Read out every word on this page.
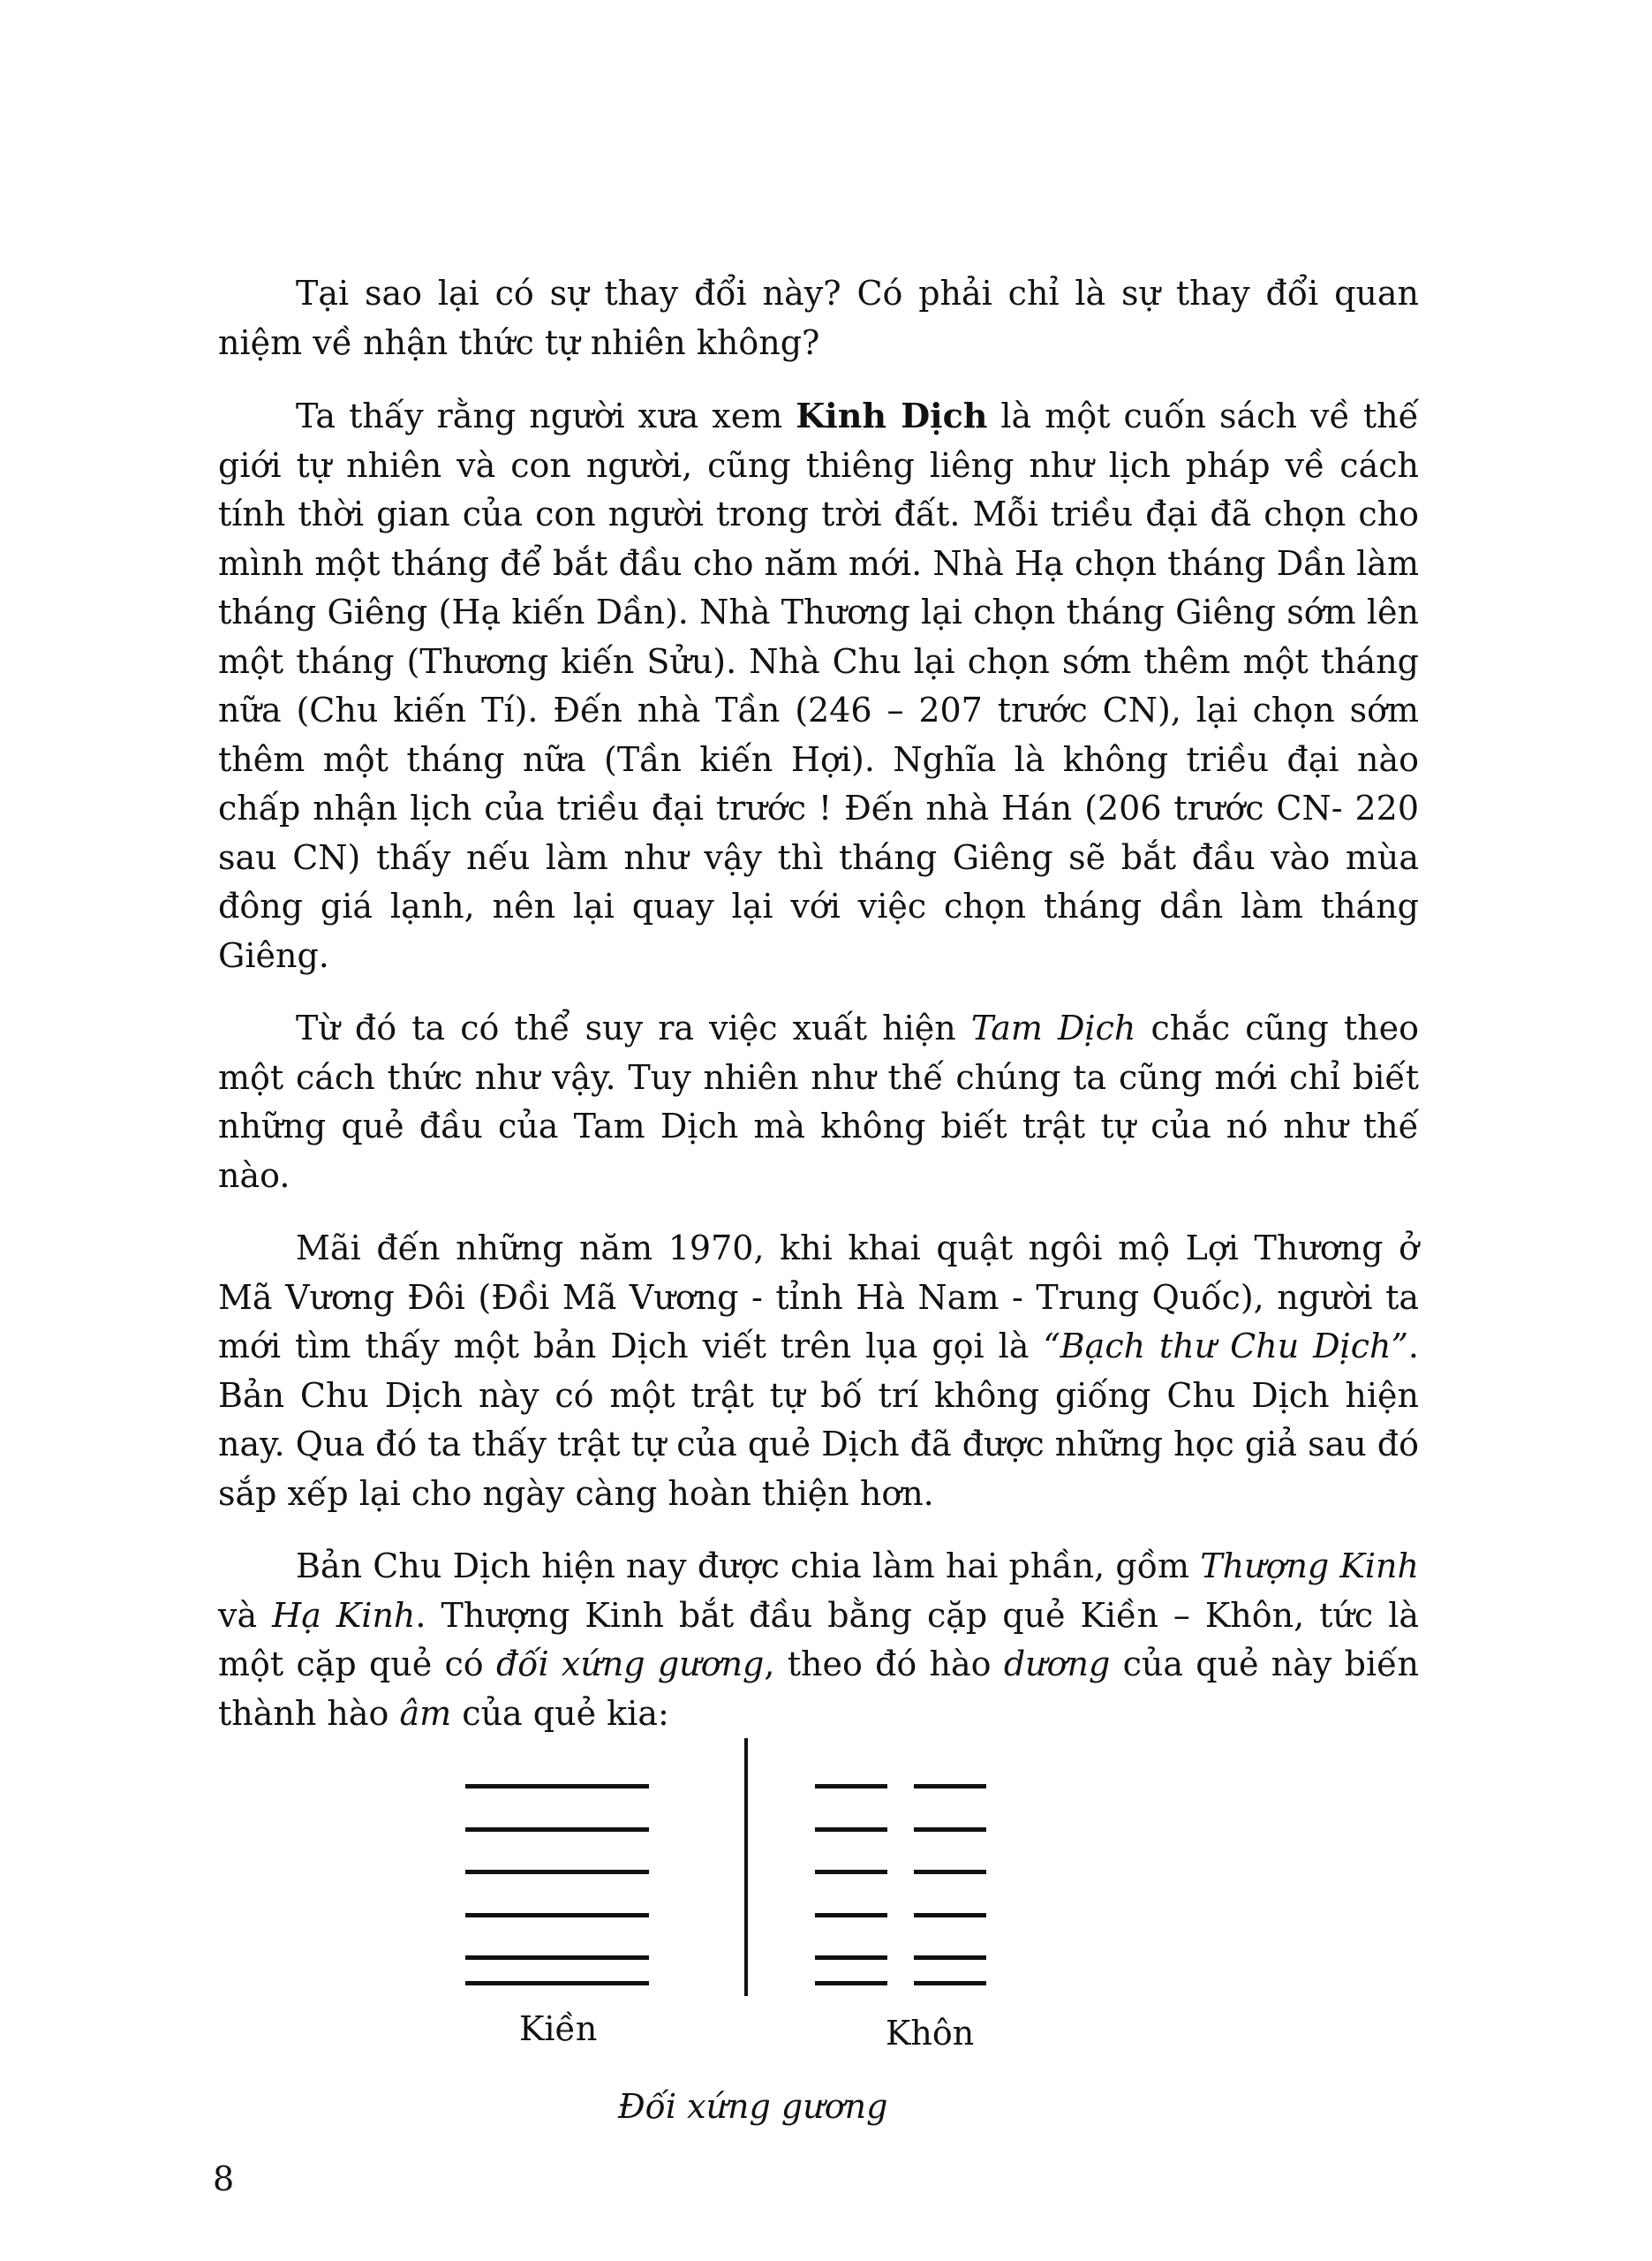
Tại sao lại có sự thay đổi này? Có phải chỉ là sự thay đổi quan niệm về nhận thức tự nhiên không?

Ta thấy rằng người xưa xem Kinh Dịch là một cuốn sách về thế giới tự nhiên và con người, cũng thiêng liêng như lịch pháp về cách tính thời gian của con người trong trời đất. Mỗi triều đại đã chọn cho mình một tháng để bắt đầu cho năm mới. Nhà Hạ chọn tháng Dần làm tháng Giêng (Hạ kiến Dần). Nhà Thương lại chọn tháng Giêng sớm lên một tháng (Thương kiến Sửu). Nhà Chu lại chọn sớm thêm một tháng nữa (Chu kiến Tí). Đến nhà Tần (246 – 207 trước CN), lại chọn sớm thêm một tháng nữa (Tần kiến Hợi). Nghĩa là không triều đại nào chấp nhận lịch của triều đại trước ! Đến nhà Hán (206 trước CN- 220 sau CN) thấy nếu làm như vậy thì tháng Giêng sẽ bắt đầu vào mùa đông giá lạnh, nên lại quay lại với việc chọn tháng dần làm tháng Giêng.

Từ đó ta có thể suy ra việc xuất hiện Tam Dịch chắc cũng theo một cách thức như vậy. Tuy nhiên như thế chúng ta cũng mới chỉ biết những quẻ đầu của Tam Dịch mà không biết trật tự của nó như thế nào.

Mãi đến những năm 1970, khi khai quật ngôi mộ Lợi Thương ở Mã Vương Đôi (Đồi Mã Vương - tỉnh Hà Nam - Trung Quốc), người ta mới tìm thấy một bản Dịch viết trên lụa gọi là “Bạch thư Chu Dịch”. Bản Chu Dịch này có một trật tự bố trí không giống Chu Dịch hiện nay. Qua đó ta thấy trật tự của quẻ Dịch đã được những học giả sau đó sắp xếp lại cho ngày càng hoàn thiện hơn.

Bản Chu Dịch hiện nay được chia làm hai phần, gồm Thượng Kinh và Hạ Kinh. Thượng Kinh bắt đầu bằng cặp quẻ Kiền – Khôn, tức là một cặp quẻ có đối xứng gương, theo đó hào dương của quẻ này biến thành hào âm của quẻ kia:

Kiền	Khôn
Đối xứng gương
8
